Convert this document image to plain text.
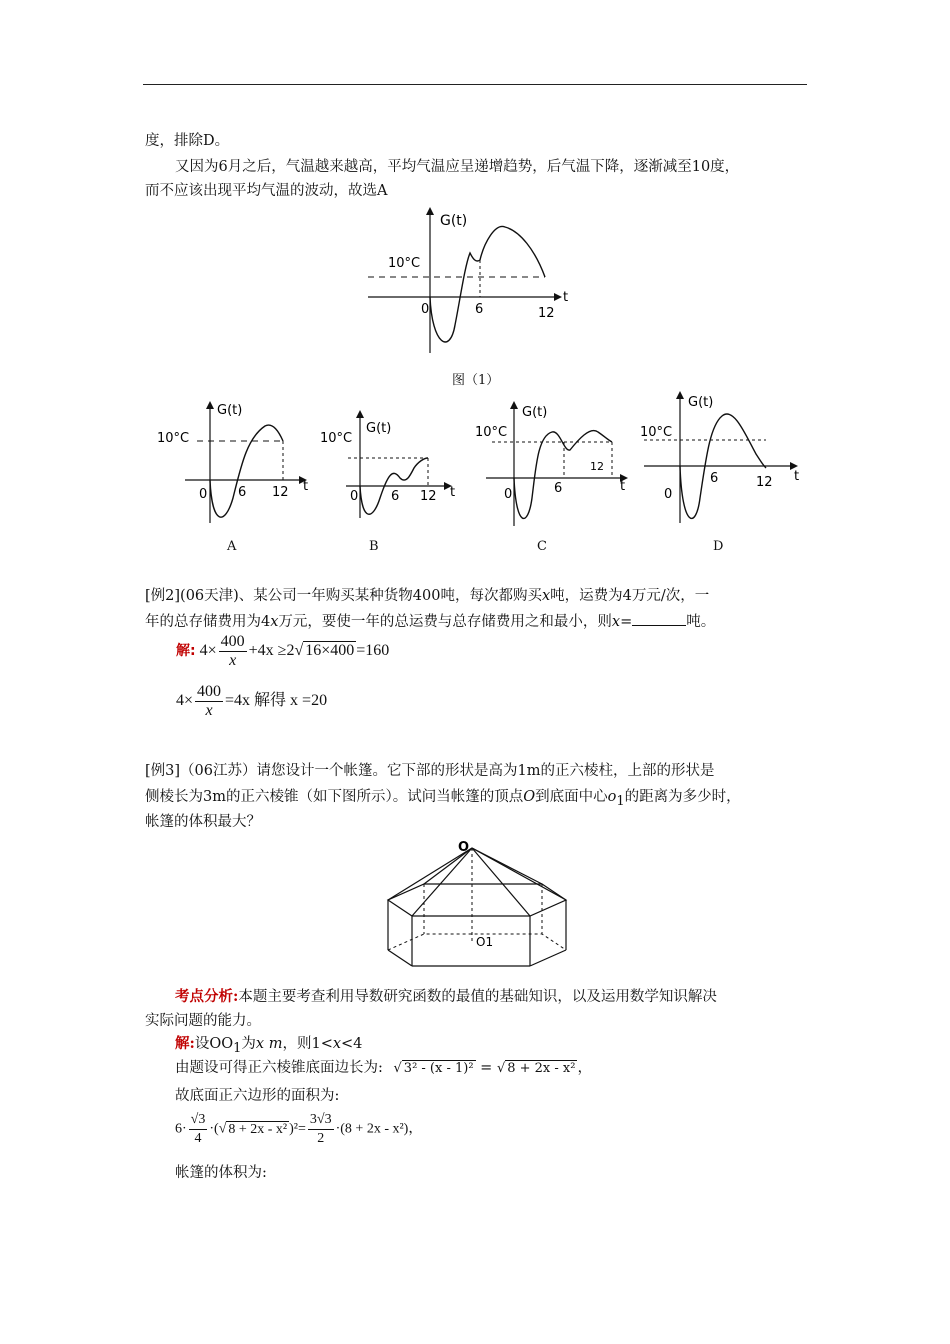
度，排除D。
又因为6月之后，气温越来越高，平均气温应呈递增趋势，后气温下降，逐渐减至10度，
而不应该出现平均气温的波动，故选A
G(t)
10°C
0	6	12
t
图（1）
G(t)
10°C
0 6 12 t
A
G(t)
10°C
0	6 12 t
B
G(t)
10°C
0	6
12
t
C
G(t)
10°C
0
6	12 t
D
[例2](06天津)、某公司一年购买某种货物400吨，每次都购买x吨，运费为4万元/次，一
年的总存储费用为4x万元，要使一年的总运费与总存储费用之和最小，则x=	吨。
解: $4\times \frac{400}{x} +4x \ge 2√$ 16×400 =160
$4\times \frac{400}{x} =4x$ 解得 x =20
[例3]（06江苏）请您设计一个帐篷。它下部的形状是高为1m的正六棱柱，上部的形状是
侧棱长为3m的正六棱锥（如下图所示）。试问当帐篷的顶点O到底面中心$o_1$的距离为多少时，
帐篷的体积最大？
O
O1
考点分析:本题主要考查利用导数研究函数的最值的基础知识，以及运用数学知识解决
实际问题的能力。
解:设$OO_1$为x m，则1<x<4
由题设可得正六棱锥底面边长为: √ 3² - (x - 1)² = √ 8 + 2x - x² ，
故底面正六边形的面积为:
$6\cdot \frac{√3}{4}$ ·(√ 8 + 2x - x² )$^2= \frac{3√3}{2} \cdot(8 + 2x - x^2)$，
帐篷的体积为:
